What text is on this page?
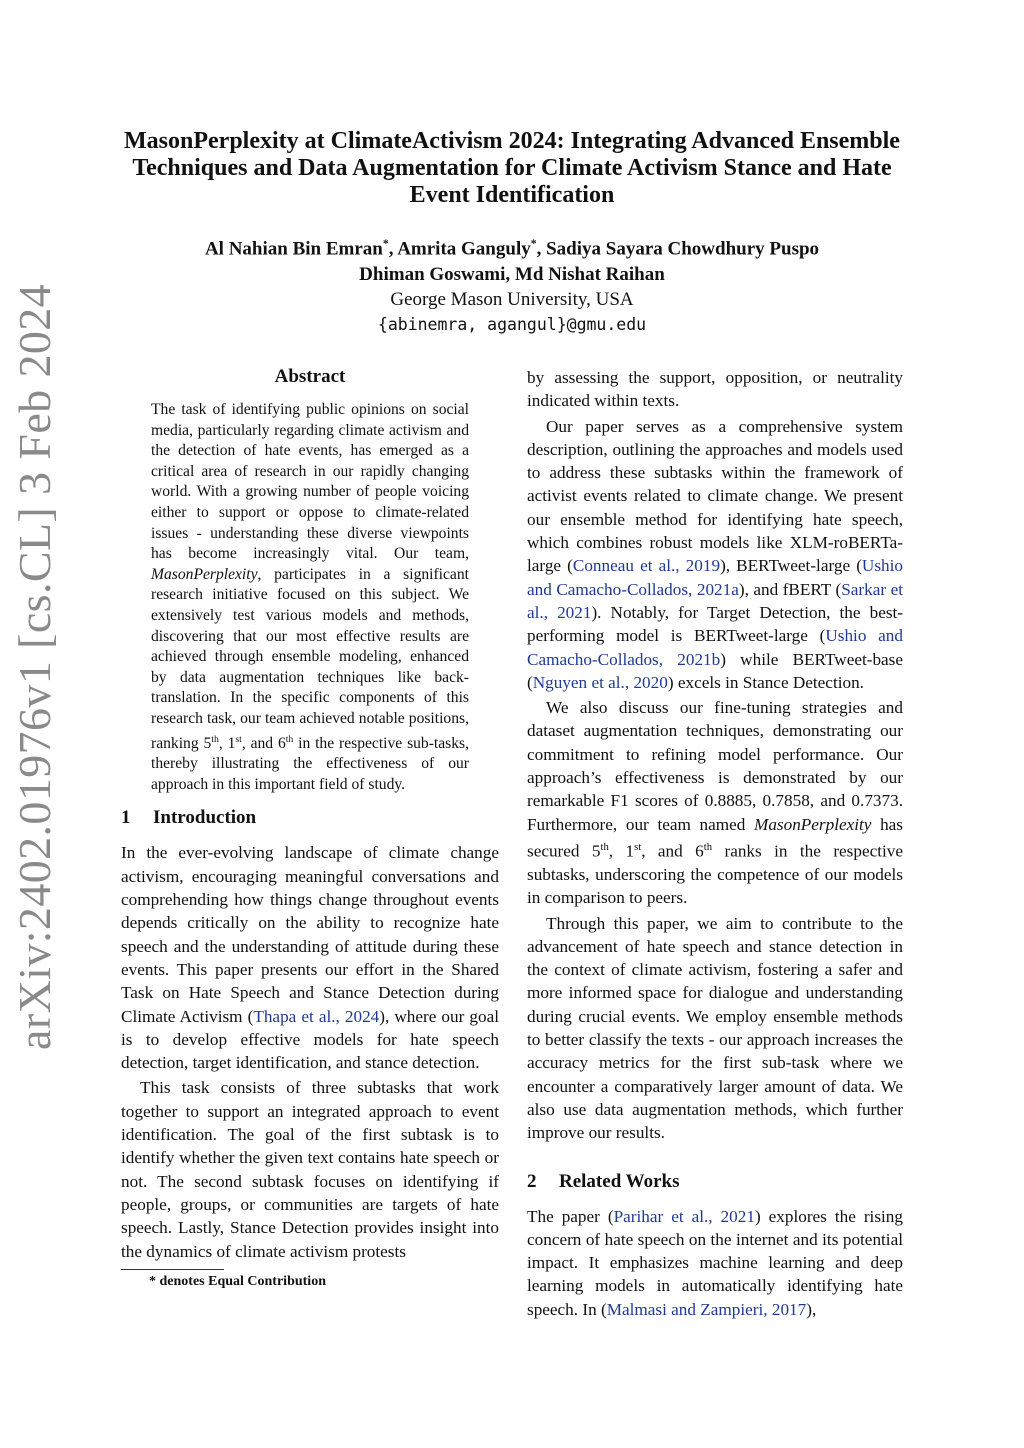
arXiv:2402.01976v1 [cs.CL] 3 Feb 2024
MasonPerplexity at ClimateActivism 2024: Integrating Advanced Ensemble Techniques and Data Augmentation for Climate Activism Stance and Hate Event Identification
Al Nahian Bin Emran*, Amrita Ganguly*, Sadiya Sayara Chowdhury Puspo
Dhiman Goswami, Md Nishat Raihan
George Mason University, USA
{abinemra, agangul}@gmu.edu
Abstract

The task of identifying public opinions on social media, particularly regarding climate activism and the detection of hate events, has emerged as a critical area of research in our rapidly changing world. With a growing number of people voicing either to support or oppose to climate-related issues - understanding these diverse viewpoints has become increasingly vital. Our team, MasonPerplexity, participates in a significant research initiative focused on this subject. We extensively test various models and methods, discovering that our most effective results are achieved through ensemble modeling, enhanced by data augmentation techniques like back-translation. In the specific components of this research task, our team achieved notable positions, ranking 5th, 1st, and 6th in the respective sub-tasks, thereby illustrating the effectiveness of our approach in this important field of study.

1 Introduction

In the ever-evolving landscape of climate change activism, encouraging meaningful conversations and comprehending how things change throughout events depends critically on the ability to recognize hate speech and the understanding of attitude during these events. This paper presents our effort in the Shared Task on Hate Speech and Stance Detection during Climate Activism (Thapa et al., 2024), where our goal is to develop effective models for hate speech detection, target identification, and stance detection.

This task consists of three subtasks that work together to support an integrated approach to event identification. The goal of the first subtask is to identify whether the given text contains hate speech or not. The second subtask focuses on identifying if people, groups, or communities are targets of hate speech. Lastly, Stance Detection provides insight into the dynamics of climate activism protests

* denotes Equal Contribution

by assessing the support, opposition, or neutrality indicated within texts.

Our paper serves as a comprehensive system description, outlining the approaches and models used to address these subtasks within the framework of activist events related to climate change. We present our ensemble method for identifying hate speech, which combines robust models like XLM-roBERTa-large (Conneau et al., 2019), BERTweet-large (Ushio and Camacho-Collados, 2021a), and fBERT (Sarkar et al., 2021). Notably, for Target Detection, the best-performing model is BERTweet-large (Ushio and Camacho-Collados, 2021b) while BERTweet-base (Nguyen et al., 2020) excels in Stance Detection.

We also discuss our fine-tuning strategies and dataset augmentation techniques, demonstrating our commitment to refining model performance. Our approach’s effectiveness is demonstrated by our remarkable F1 scores of 0.8885, 0.7858, and 0.7373. Furthermore, our team named MasonPerplexity has secured 5th, 1st, and 6th ranks in the respective subtasks, underscoring the competence of our models in comparison to peers.

Through this paper, we aim to contribute to the advancement of hate speech and stance detection in the context of climate activism, fostering a safer and more informed space for dialogue and understanding during crucial events. We employ ensemble methods to better classify the texts - our approach increases the accuracy metrics for the first sub-task where we encounter a comparatively larger amount of data. We also use data augmentation methods, which further improve our results.

2 Related Works

The paper (Parihar et al., 2021) explores the rising concern of hate speech on the internet and its potential impact. It emphasizes machine learning and deep learning models in automatically identifying hate speech. In (Malmasi and Zampieri, 2017),
